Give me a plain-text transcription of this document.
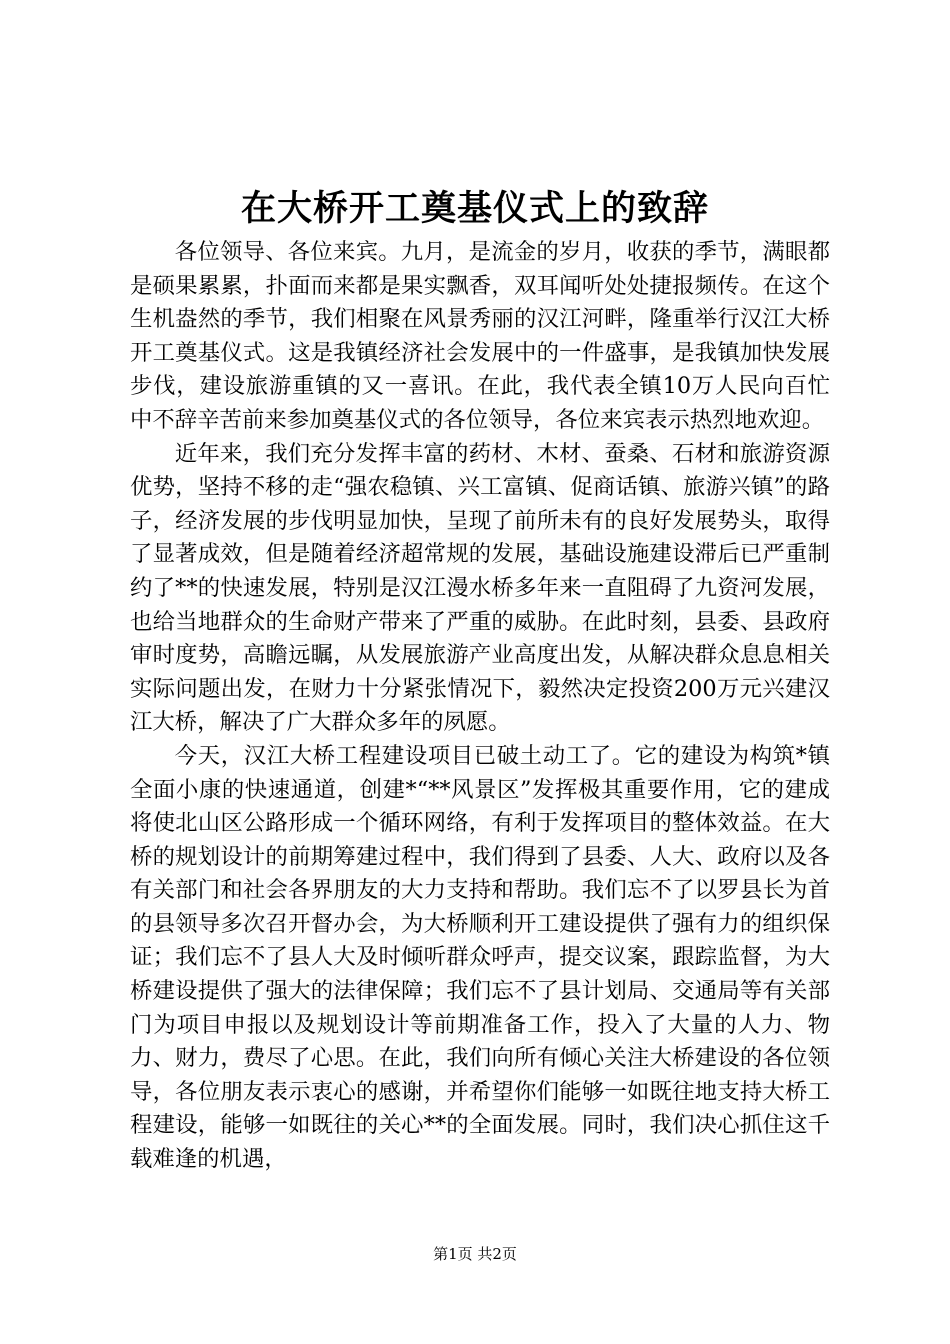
在大桥开工奠基仪式上的致辞

各位领导、各位来宾。九月，是流金的岁月，收获的季节，满眼都是硕果累累，扑面而来都是果实飘香，双耳闻听处处捷报频传。在这个生机盎然的季节，我们相聚在风景秀丽的汉江河畔，隆重举行汉江大桥开工奠基仪式。这是我镇经济社会发展中的一件盛事，是我镇加快发展步伐，建设旅游重镇的又一喜讯。在此，我代表全镇10万人民向百忙中不辞辛苦前来参加奠基仪式的各位领导，各位来宾表示热烈地欢迎。

近年来，我们充分发挥丰富的药材、木材、蚕桑、石材和旅游资源优势，坚持不移的走“强农稳镇、兴工富镇、促商话镇、旅游兴镇”的路子，经济发展的步伐明显加快，呈现了前所未有的良好发展势头，取得了显著成效，但是随着经济超常规的发展，基础设施建设滞后已严重制约了**的快速发展，特别是汉江漫水桥多年来一直阻碍了九资河发展，也给当地群众的生命财产带来了严重的威胁。在此时刻，县委、县政府审时度势，高瞻远瞩，从发展旅游产业高度出发，从解决群众息息相关实际问题出发，在财力十分紧张情况下，毅然决定投资200万元兴建汉江大桥，解决了广大群众多年的夙愿。

今天，汉江大桥工程建设项目已破土动工了。它的建设为构筑*镇全面小康的快速通道，创建*“**风景区”发挥极其重要作用，它的建成将使北山区公路形成一个循环网络，有利于发挥项目的整体效益。在大桥的规划设计的前期筹建过程中，我们得到了县委、人大、政府以及各有关部门和社会各界朋友的大力支持和帮助。我们忘不了以罗县长为首的县领导多次召开督办会，为大桥顺利开工建设提供了强有力的组织保证；我们忘不了县人大及时倾听群众呼声，提交议案，跟踪监督，为大桥建设提供了强大的法律保障；我们忘不了县计划局、交通局等有关部门为项目申报以及规划设计等前期准备工作，投入了大量的人力、物力、财力，费尽了心思。在此，我们向所有倾心关注大桥建设的各位领导，各位朋友表示衷心的感谢，并希望你们能够一如既往地支持大桥工程建设，能够一如既往的关心**的全面发展。同时，我们决心抓住这千载难逢的机遇，

第1页 共2页
